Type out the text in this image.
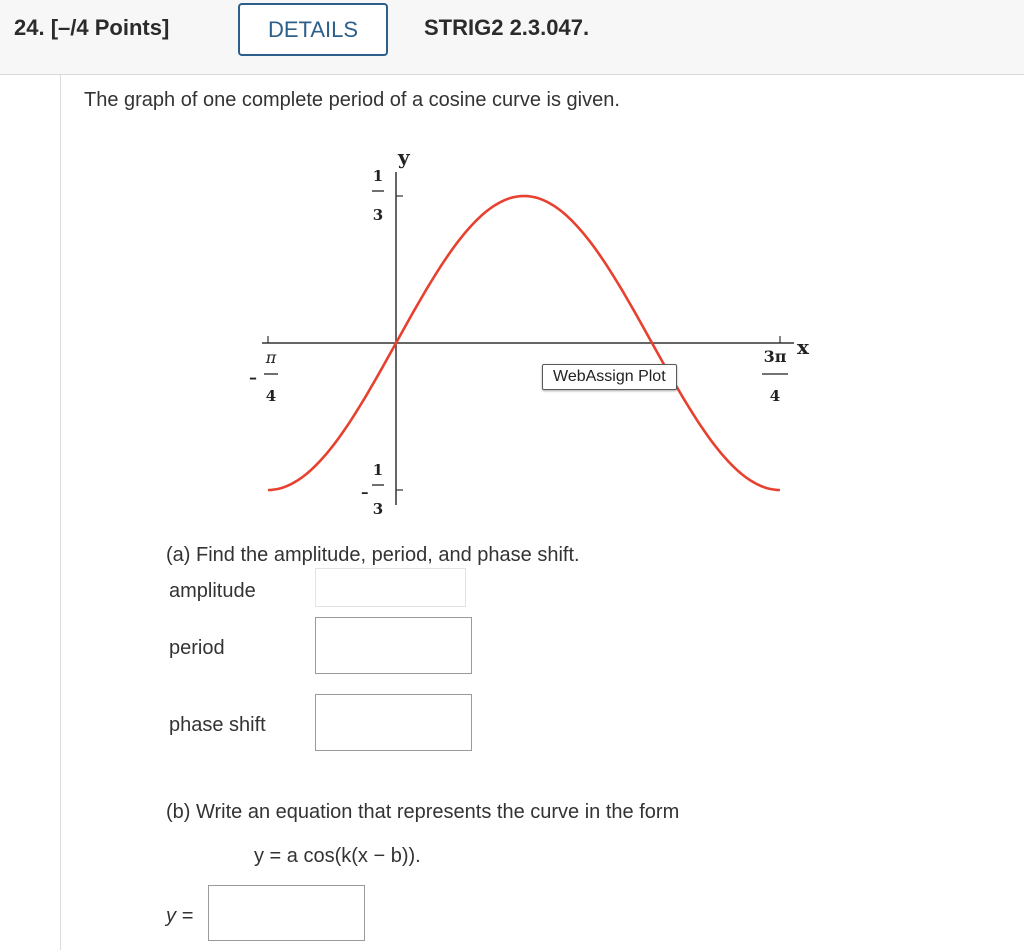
24. [–/4 Points]	DETAILS	STRIG2 2.3.047.
The graph of one complete period of a cosine curve is given.
y
x
1
3
1
3
–
π
4
–
3π
4
WebAssign Plot
(a) Find the amplitude, period, and phase shift.
amplitude
period
phase shift
(b) Write an equation that represents the curve in the form
y = a cos(k(x − b)).
y =
